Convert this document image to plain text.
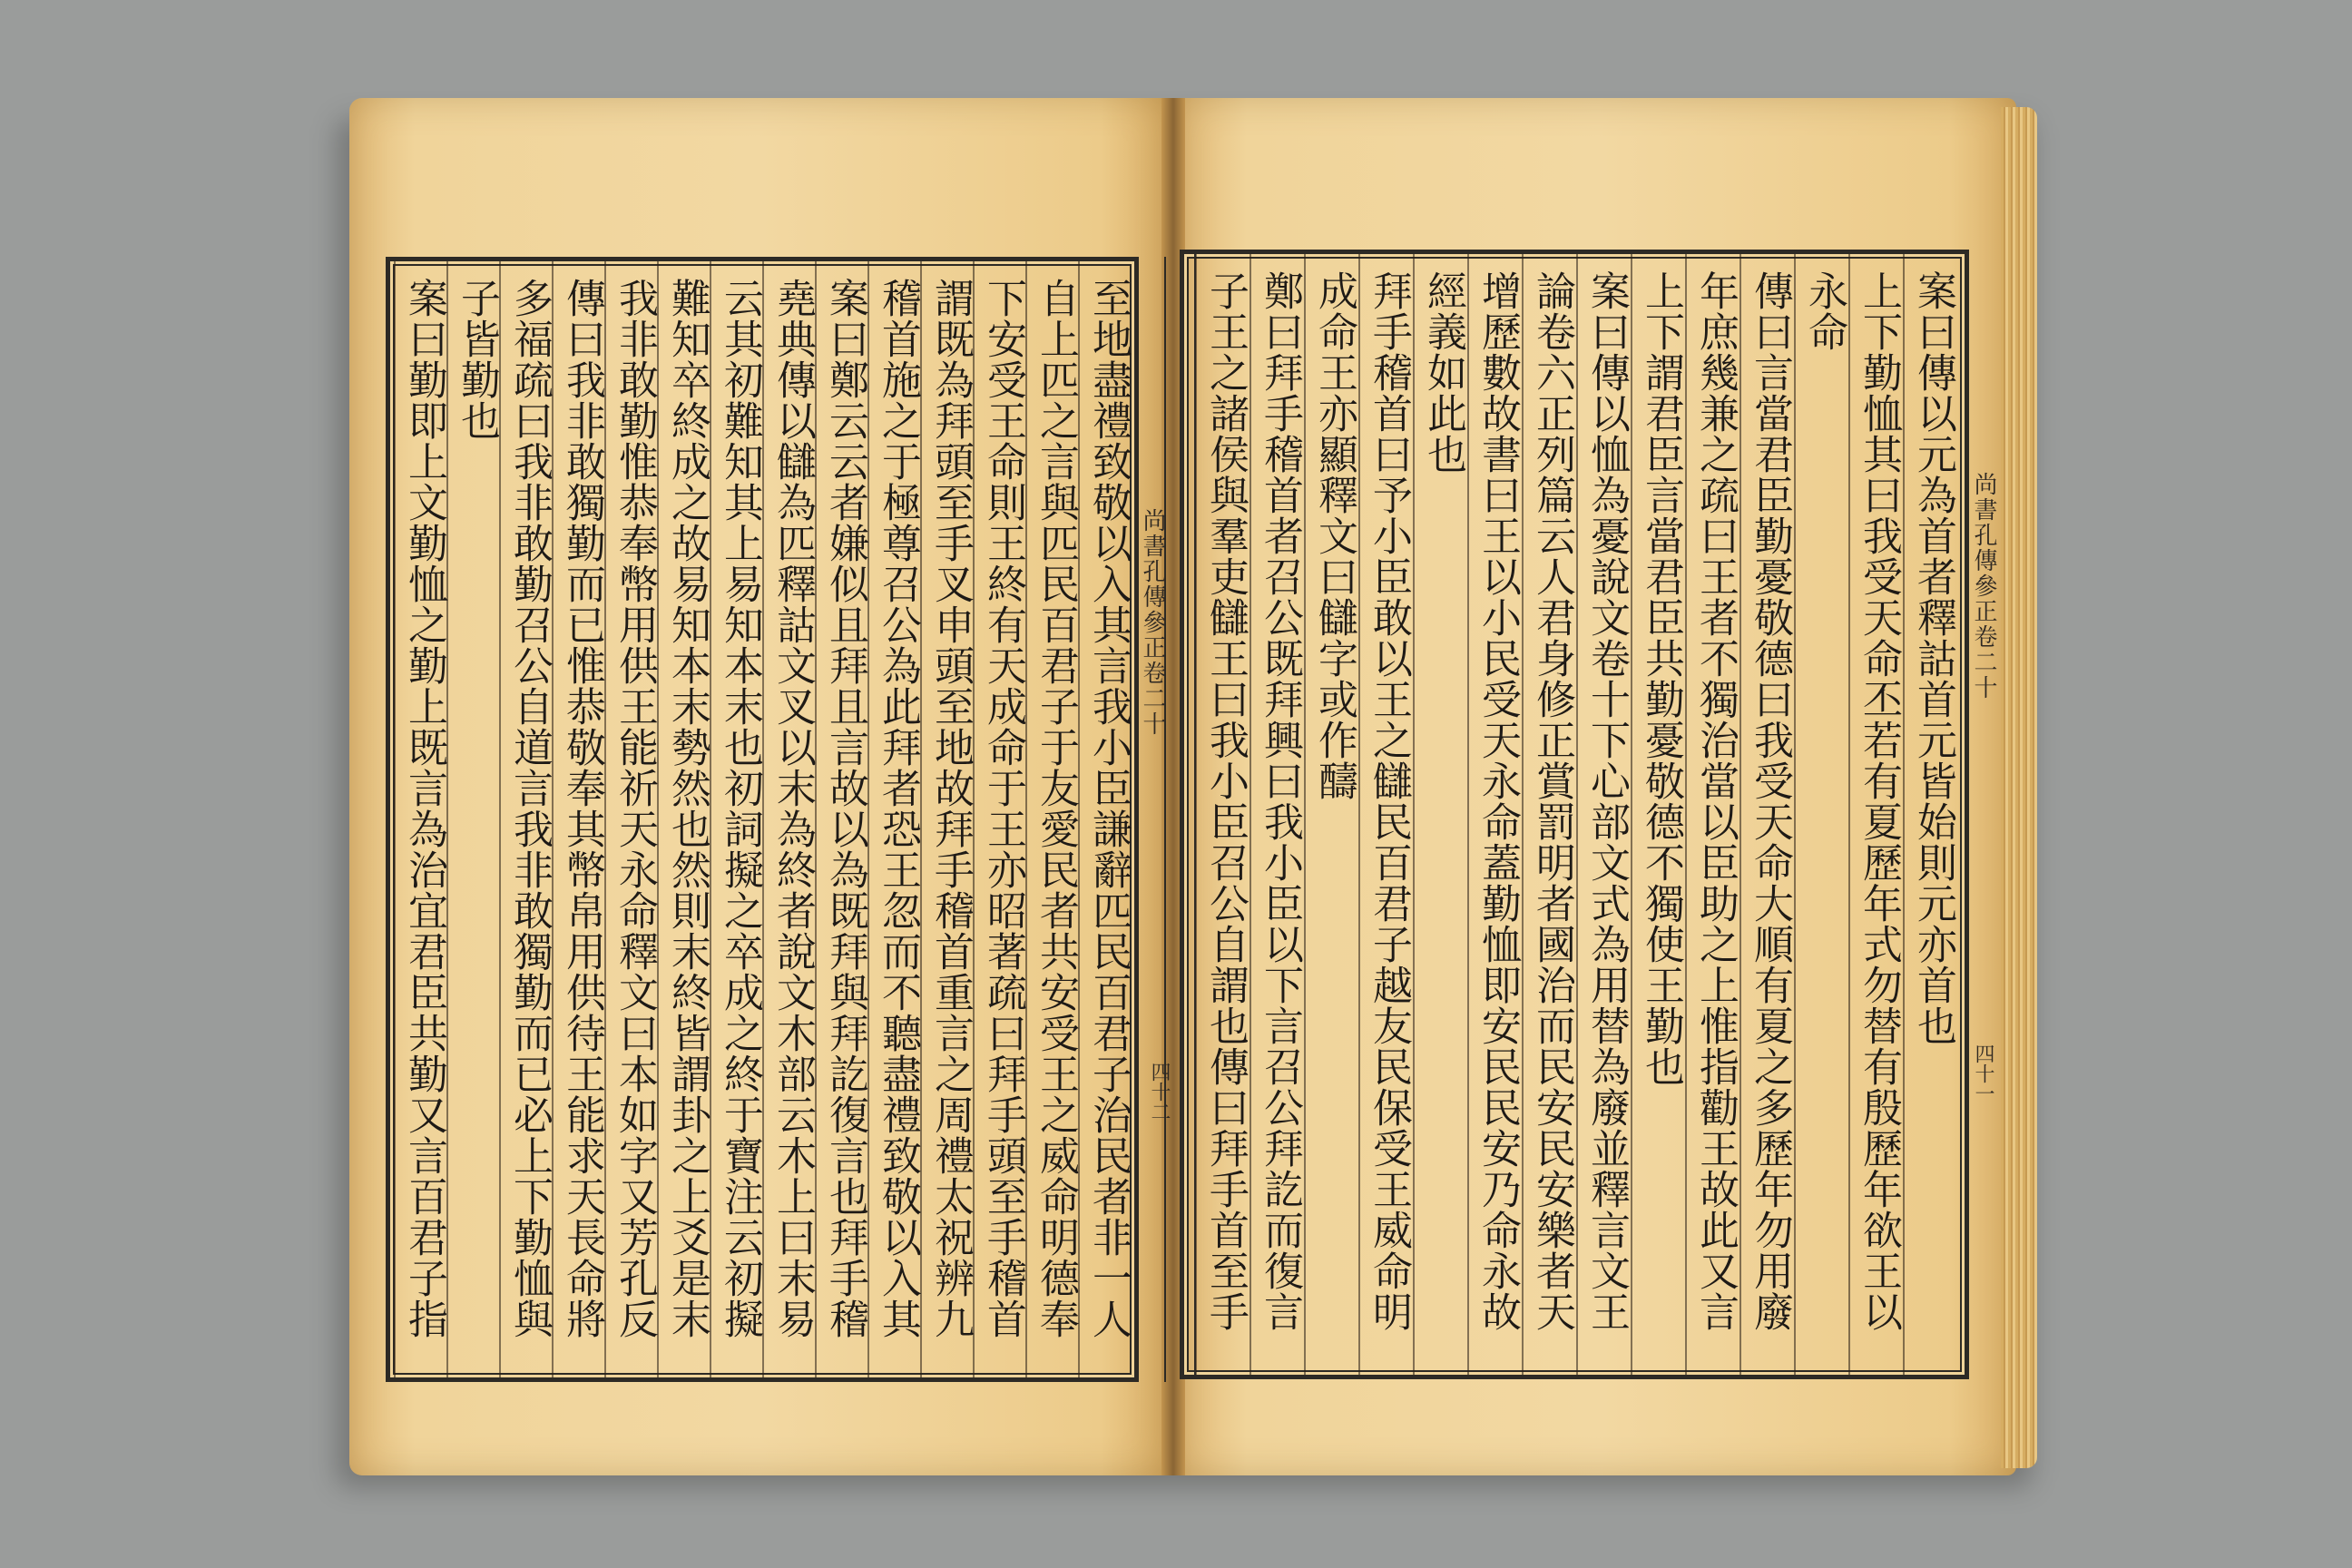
至地盡禮致敬以入其言我小臣謙辭匹民百君子治民者非一人
自上匹之言與匹民百君子于友愛民者共安受王之威命明德奉
下安受王命則王終有天成命于王亦昭著疏曰拜手頭至手稽首
謂既為拜頭至手叉申頭至地故拜手稽首重言之周禮太祝辨九
稽首施之于極尊召公為此拜者恐王忽而不聽盡禮致敬以入其
案曰鄭云云者嫌似且拜且言故以為既拜與拜訖復言也拜手稽
堯典傳以讎為匹釋詁文叉以末為終者說文木部云木上曰末易
云其初難知其上易知本末也初詞擬之卒成之終于寶注云初擬
難知卒終成之故易知本末勢然也然則末終皆謂卦之上爻是末
我非敢勤惟恭奉幣用供王能祈天永命釋文曰本如字又芳孔反
傳曰我非敢獨勤而已惟恭敬奉其幣帛用供待王能求天長命將
多福疏曰我非敢勤召公自道言我非敢獨勤而已必上下勤恤與
子皆勤也
案曰勤即上文勤恤之勤上既言為治宜君臣共勤又言百君子指
案曰傳以元為首者釋詁首元皆始則元亦首也
上下勤恤其曰我受天命丕若有夏歷年式勿替有殷歷年欲王以
永命
傳曰言當君臣勤憂敬德曰我受天命大順有夏之多歷年勿用廢
年庶幾兼之疏曰王者不獨治當以臣助之上惟指勸王故此又言
上下謂君臣言當君臣共勤憂敬德不獨使王勤也
案曰傳以恤為憂說文卷十下心部文式為用替為廢並釋言文王
論卷六正列篇云人君身修正賞罰明者國治而民安民安樂者天
增歷數故書曰王以小民受天永命蓋勤恤即安民民安乃命永故
經義如此也
拜手稽首曰予小臣敢以王之讎民百君子越友民保受王威命明
成命王亦顯釋文曰讎字或作醻
鄭曰拜手稽首者召公既拜興曰我小臣以下言召公拜訖而復言
子王之諸侯與羣吏讎王曰我小臣召公自謂也傳曰拜手首至手
尚書孔傳參正卷二十
四十二
尚書孔傳參正卷二十
四十一
